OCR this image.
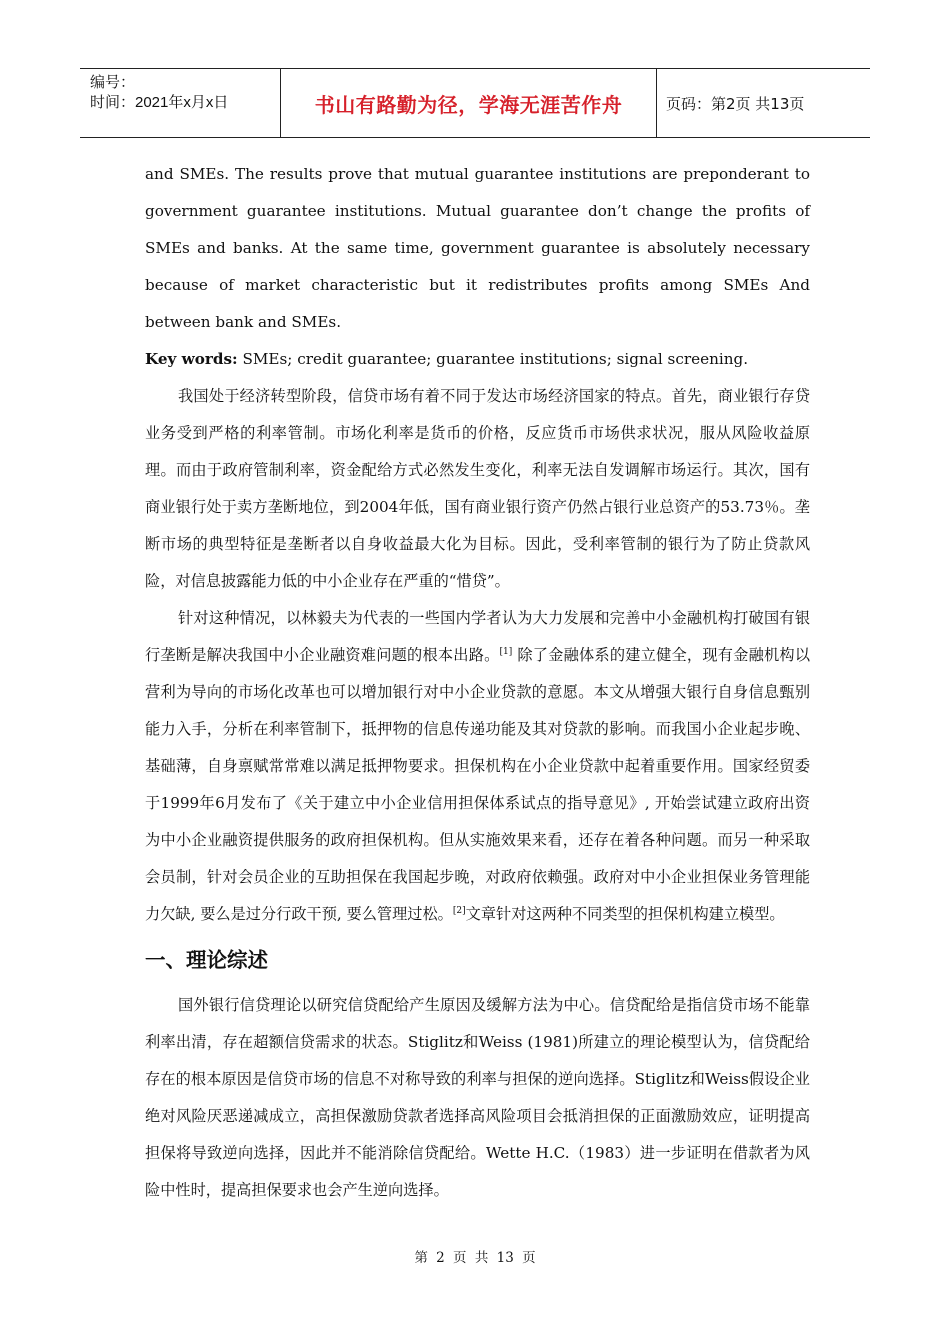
编号：
时间：2021年x月x日	书山有路勤为径，学海无涯苦作舟	页码：第2页 共13页

and SMEs. The results prove that mutual guarantee institutions are preponderant to government guarantee institutions. Mutual guarantee don’t change the profits of SMEs and banks. At the same time, government guarantee is absolutely necessary because of market characteristic but it redistributes profits among SMEs And between bank and SMEs.

Key words: SMEs; credit guarantee; guarantee institutions; signal screening.

我国处于经济转型阶段，信贷市场有着不同于发达市场经济国家的特点。首先，商业银行存贷业务受到严格的利率管制。市场化利率是货币的价格，反应货币市场供求状况，服从风险收益原理。而由于政府管制利率，资金配给方式必然发生变化，利率无法自发调解市场运行。其次，国有商业银行处于卖方垄断地位，到2004年低，国有商业银行资产仍然占银行业总资产的53.73％。垄断市场的典型特征是垄断者以自身收益最大化为目标。因此，受利率管制的银行为了防止贷款风险，对信息披露能力低的中小企业存在严重的“惜贷”。

针对这种情况，以林毅夫为代表的一些国内学者认为大力发展和完善中小金融机构打破国有银行垄断是解决我国中小企业融资难问题的根本出路。[1] 除了金融体系的建立健全，现有金融机构以营利为导向的市场化改革也可以增加银行对中小企业贷款的意愿。本文从增强大银行自身信息甄别能力入手，分析在利率管制下，抵押物的信息传递功能及其对贷款的影响。而我国小企业起步晚、基础薄，自身禀赋常常难以满足抵押物要求。担保机构在小企业贷款中起着重要作用。国家经贸委于1999年6月发布了《关于建立中小企业信用担保体系试点的指导意见》, 开始尝试建立政府出资为中小企业融资提供服务的政府担保机构。但从实施效果来看，还存在着各种问题。而另一种采取会员制，针对会员企业的互助担保在我国起步晚，对政府依赖强。政府对中小企业担保业务管理能力欠缺, 要么是过分行政干预, 要么管理过松。[2]文章针对这两种不同类型的担保机构建立模型。

一、理论综述

国外银行信贷理论以研究信贷配给产生原因及缓解方法为中心。信贷配给是指信贷市场不能靠利率出清，存在超额信贷需求的状态。Stiglitz和Weiss (1981)所建立的理论模型认为，信贷配给存在的根本原因是信贷市场的信息不对称导致的利率与担保的逆向选择。Stiglitz和Weiss假设企业绝对风险厌恶递减成立，高担保激励贷款者选择高风险项目会抵消担保的正面激励效应，证明提高担保将导致逆向选择，因此并不能消除信贷配给。Wette H.C.（1983）进一步证明在借款者为风险中性时，提高担保要求也会产生逆向选择。

第 2 页 共 13 页
